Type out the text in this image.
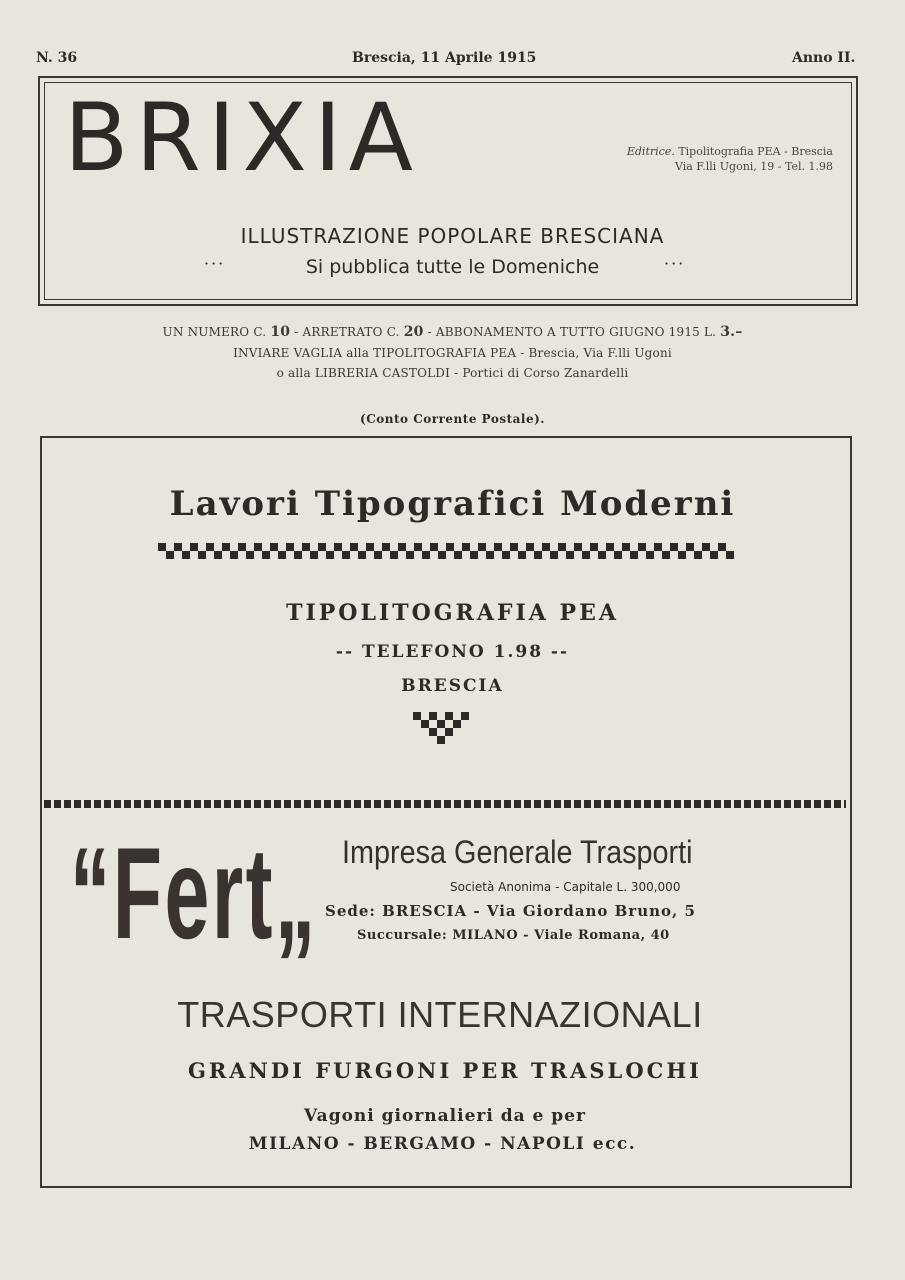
N. 36	Brescia, 11 Aprile 1915	Anno II.
BRIXIA	Editrice. Tipolitografia PEA - Brescia
Via F.lli Ugoni, 19 - Tel. 1.98
ILLUSTRAZIONE POPOLARE BRESCIANA
···	Si pubblica tutte le Domeniche	···
UN NUMERO C. 10 - ARRETRATO C. 20 - ABBONAMENTO A TUTTO GIUGNO 1915 L. 3.–
INVIARE VAGLIA alla TIPOLITOGRAFIA PEA - Brescia, Via F.lli Ugoni
o alla LIBRERIA CASTOLDI - Portici di Corso Zanardelli
(Conto Corrente Postale).
Lavori Tipografici Moderni
TIPOLITOGRAFIA PEA
-- TELEFONO 1.98 --
BRESCIA
“Fert„ Impresa Generale Trasporti
Società Anonima - Capitale L. 300,000
Sede: BRESCIA - Via Giordano Bruno, 5
Succursale: MILANO - Viale Romana, 40
TRASPORTI INTERNAZIONALI
GRANDI FURGONI PER TRASLOCHI
Vagoni giornalieri da e per
MILANO - BERGAMO - NAPOLI ecc.
